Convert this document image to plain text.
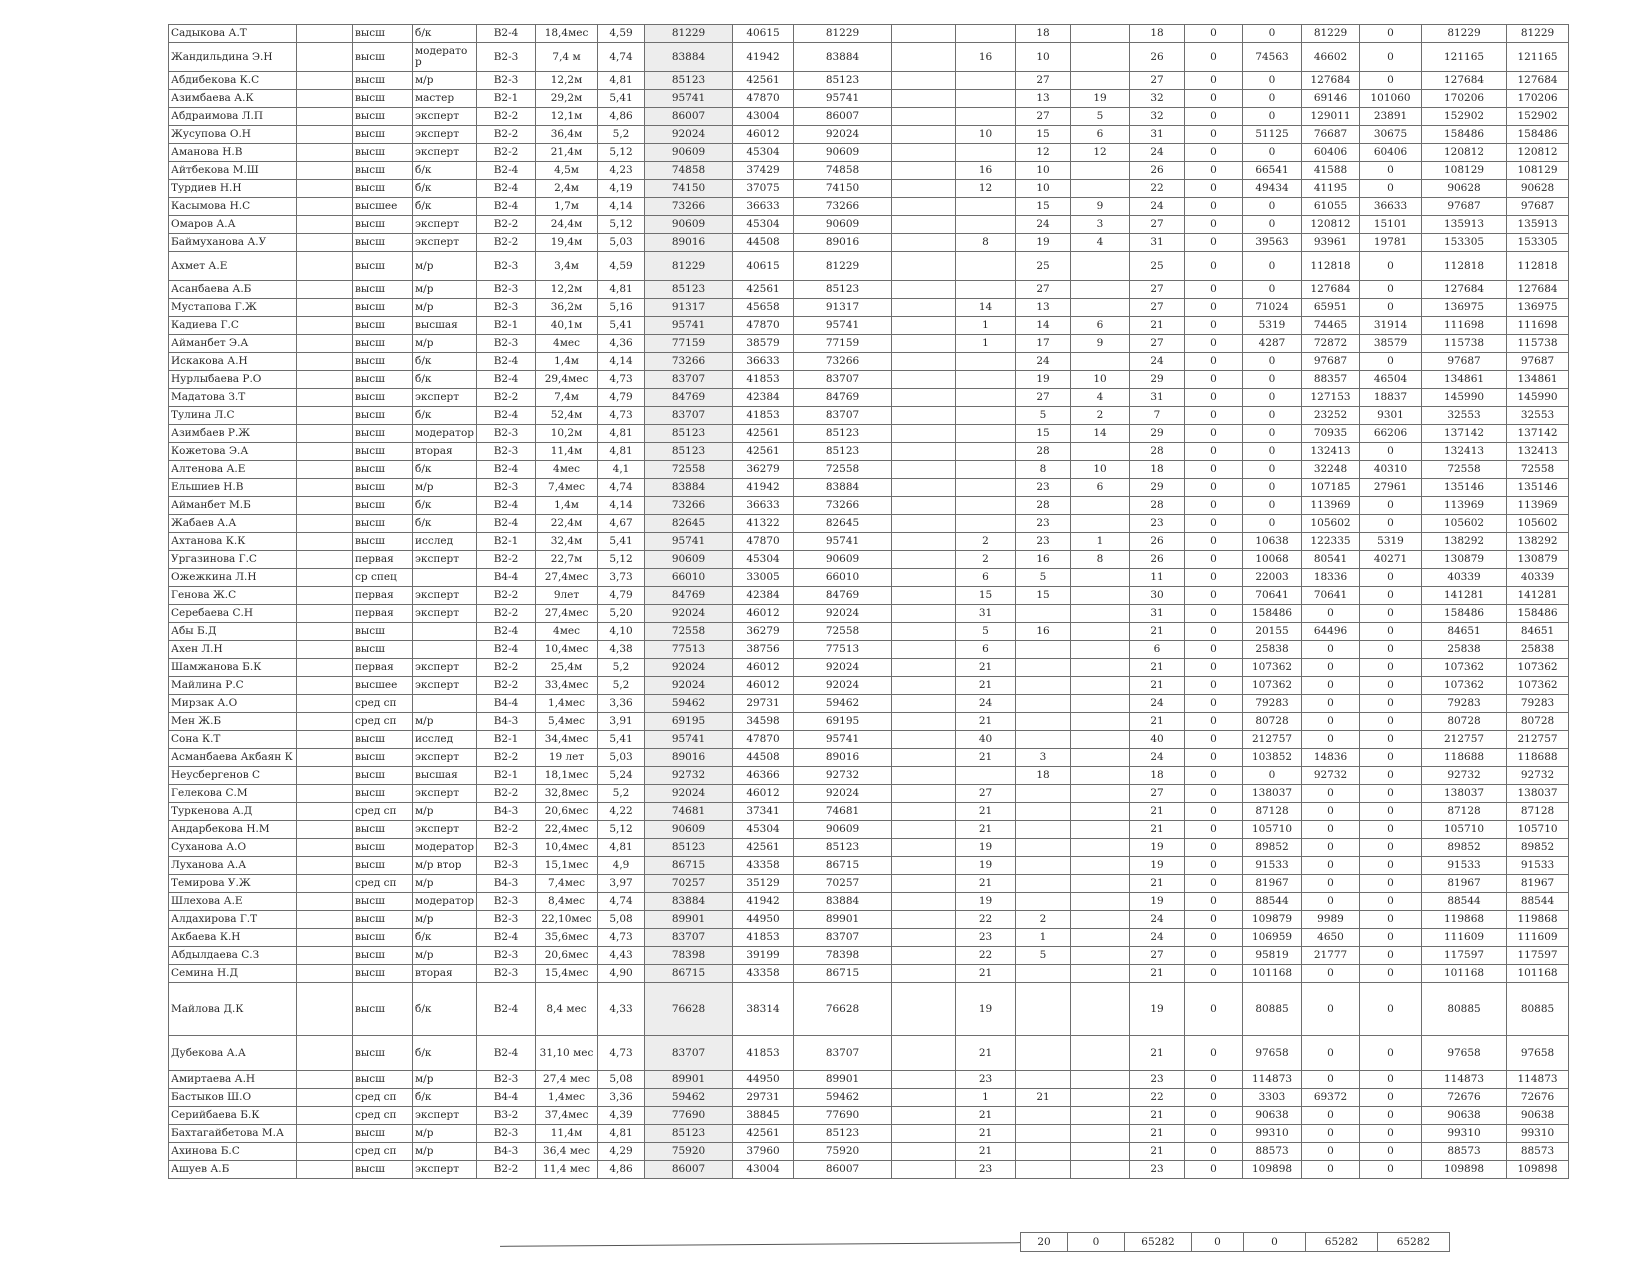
Садыкова А.Т		высш	б/к	В2-4	18,4мес	4,59	81229	40615	81229			18		18	0	0	81229	0	81229	81229
Жандильдина Э.Н		высш	модерато р	В2-3	7,4 м	4,74	83884	41942	83884		16	10		26	0	74563	46602	0	121165	121165
Абдибекова К.С		высш	м/р	В2-3	12,2м	4,81	85123	42561	85123			27		27	0	0	127684	0	127684	127684
Азимбаева А.К		высш	мастер	В2-1	29,2м	5,41	95741	47870	95741			13	19	32	0	0	69146	101060	170206	170206
Абдраимова Л.П		высш	эксперт	В2-2	12,1м	4,86	86007	43004	86007			27	5	32	0	0	129011	23891	152902	152902
Жусупова О.Н		высш	эксперт	В2-2	36,4м	5,2	92024	46012	92024		10	15	6	31	0	51125	76687	30675	158486	158486
Аманова Н.В		высш	эксперт	В2-2	21,4м	5,12	90609	45304	90609			12	12	24	0	0	60406	60406	120812	120812
Айтбекова М.Ш		высш	б/к	В2-4	4,5м	4,23	74858	37429	74858		16	10		26	0	66541	41588	0	108129	108129
Турдиев Н.Н		высш	б/к	В2-4	2,4м	4,19	74150	37075	74150		12	10		22	0	49434	41195	0	90628	90628
Касымова Н.С		высшее	б/к	В2-4	1,7м	4,14	73266	36633	73266			15	9	24	0	0	61055	36633	97687	97687
Омаров А.А		высш	эксперт	В2-2	24,4м	5,12	90609	45304	90609			24	3	27	0	0	120812	15101	135913	135913
Баймуханова А.У		высш	эксперт	В2-2	19,4м	5,03	89016	44508	89016		8	19	4	31	0	39563	93961	19781	153305	153305
Ахмет А.Е		высш	м/р	В2-3	3,4м	4,59	81229	40615	81229			25		25	0	0	112818	0	112818	112818
Асанбаева А.Б		высш	м/р	В2-3	12,2м	4,81	85123	42561	85123			27		27	0	0	127684	0	127684	127684
Мустапова Г.Ж		высш	м/р	В2-3	36,2м	5,16	91317	45658	91317		14	13		27	0	71024	65951	0	136975	136975
Кадиева Г.С		высш	высшая	В2-1	40,1м	5,41	95741	47870	95741		1	14	6	21	0	5319	74465	31914	111698	111698
Айманбет Э.А		высш	м/р	В2-3	4мес	4,36	77159	38579	77159		1	17	9	27	0	4287	72872	38579	115738	115738
Искакова А.Н		высш	б/к	В2-4	1,4м	4,14	73266	36633	73266			24		24	0	0	97687	0	97687	97687
Нурлыбаева Р.О		высш	б/к	В2-4	29,4мес	4,73	83707	41853	83707			19	10	29	0	0	88357	46504	134861	134861
Мадатова З.Т		высш	эксперт	В2-2	7,4м	4,79	84769	42384	84769			27	4	31	0	0	127153	18837	145990	145990
Тулина Л.С		высш	б/к	В2-4	52,4м	4,73	83707	41853	83707			5	2	7	0	0	23252	9301	32553	32553
Азимбаев Р.Ж		высш	модератор	В2-3	10,2м	4,81	85123	42561	85123			15	14	29	0	0	70935	66206	137142	137142
Кожетова Э.А		высш	вторая	В2-3	11,4м	4,81	85123	42561	85123			28		28	0	0	132413	0	132413	132413
Алтенова А.Е		высш	б/к	В2-4	4мес	4,1	72558	36279	72558			8	10	18	0	0	32248	40310	72558	72558
Ельшиев Н.В		высш	м/р	В2-3	7,4мес	4,74	83884	41942	83884			23	6	29	0	0	107185	27961	135146	135146
Айманбет М.Б		высш	б/к	В2-4	1,4м	4,14	73266	36633	73266			28		28	0	0	113969	0	113969	113969
Жабаев А.А		высш	б/к	В2-4	22,4м	4,67	82645	41322	82645			23		23	0	0	105602	0	105602	105602
Ахтанова К.К		высш	исслед	В2-1	32,4м	5,41	95741	47870	95741		2	23	1	26	0	10638	122335	5319	138292	138292
Ургазинова Г.С		первая	эксперт	В2-2	22,7м	5,12	90609	45304	90609		2	16	8	26	0	10068	80541	40271	130879	130879
Ожежкина Л.Н		ср спец		В4-4	27,4мес	3,73	66010	33005	66010		6	5		11	0	22003	18336	0	40339	40339
Генова Ж.С		первая	эксперт	В2-2	9лет	4,79	84769	42384	84769		15	15		30	0	70641	70641	0	141281	141281
Серебаева С.Н		первая	эксперт	В2-2	27,4мес	5,20	92024	46012	92024		31			31	0	158486	0	0	158486	158486
Абы Б.Д		высш		В2-4	4мес	4,10	72558	36279	72558		5	16		21	0	20155	64496	0	84651	84651
Ахен Л.Н		высш		В2-4	10,4мес	4,38	77513	38756	77513		6			6	0	25838	0	0	25838	25838
Шамжанова Б.К		первая	эксперт	В2-2	25,4м	5,2	92024	46012	92024		21			21	0	107362	0	0	107362	107362
Майлина Р.С		высшее	эксперт	В2-2	33,4мес	5,2	92024	46012	92024		21			21	0	107362	0	0	107362	107362
Мирзак А.О		сред сп		В4-4	1,4мес	3,36	59462	29731	59462		24			24	0	79283	0	0	79283	79283
Мен Ж.Б		сред сп	м/р	В4-3	5,4мес	3,91	69195	34598	69195		21			21	0	80728	0	0	80728	80728
Сона К.Т		высш	исслед	В2-1	34,4мес	5,41	95741	47870	95741		40			40	0	212757	0	0	212757	212757
Асманбаева Акбаян К		высш	эксперт	В2-2	19 лет	5,03	89016	44508	89016		21	3		24	0	103852	14836	0	118688	118688
Неусбергенов С		высш	высшая	В2-1	18,1мес	5,24	92732	46366	92732			18		18	0	0	92732	0	92732	92732
Гелекова С.М		высш	эксперт	В2-2	32,8мес	5,2	92024	46012	92024		27			27	0	138037	0	0	138037	138037
Туркенова А.Д		сред сп	м/р	В4-3	20,6мес	4,22	74681	37341	74681		21			21	0	87128	0	0	87128	87128
Андарбекова Н.М		высш	эксперт	В2-2	22,4мес	5,12	90609	45304	90609		21			21	0	105710	0	0	105710	105710
Суханова А.О		высш	модератор	В2-3	10,4мес	4,81	85123	42561	85123		19			19	0	89852	0	0	89852	89852
Луханова А.А		высш	м/р втор	В2-3	15,1мес	4,9	86715	43358	86715		19			19	0	91533	0	0	91533	91533
Темирова У.Ж		сред сп	м/р	В4-3	7,4мес	3,97	70257	35129	70257		21			21	0	81967	0	0	81967	81967
Шлехова А.Е		высш	модератор	В2-3	8,4мес	4,74	83884	41942	83884		19			19	0	88544	0	0	88544	88544
Алдахирова Г.Т		высш	м/р	В2-3	22,10мес	5,08	89901	44950	89901		22	2		24	0	109879	9989	0	119868	119868
Акбаева К.Н		высш	б/к	В2-4	35,6мес	4,73	83707	41853	83707		23	1		24	0	106959	4650	0	111609	111609
Абдылдаева С.З		высш	м/р	В2-3	20,6мес	4,43	78398	39199	78398		22	5		27	0	95819	21777	0	117597	117597
Семина Н.Д		высш	вторая	В2-3	15,4мес	4,90	86715	43358	86715		21			21	0	101168	0	0	101168	101168
Майлова Д.К		высш	б/к	В2-4	8,4 мес	4,33	76628	38314	76628		19			19	0	80885	0	0	80885	80885
Дубекова А.А		высш	б/к	В2-4	31,10 мес	4,73	83707	41853	83707		21			21	0	97658	0	0	97658	97658
Амиртаева А.Н		высш	м/р	В2-3	27,4 мес	5,08	89901	44950	89901		23			23	0	114873	0	0	114873	114873
Бастыков Ш.О		сред сп	б/к	В4-4	1,4мес	3,36	59462	29731	59462		1	21		22	0	3303	69372	0	72676	72676
Серийбаева Б.К		сред сп	эксперт	В3-2	37,4мес	4,39	77690	38845	77690		21			21	0	90638	0	0	90638	90638
Бахтагайбетова М.А		высш	м/р	В2-3	11,4м	4,81	85123	42561	85123		21			21	0	99310	0	0	99310	99310
Ахинова Б.С		сред сп	м/р	В4-3	36,4 мес	4,29	75920	37960	75920		21			21	0	88573	0	0	88573	88573
Ашуев А.Б		высш	эксперт	В2-2	11,4 мес	4,86	86007	43004	86007		23			23	0	109898	0	0	109898	109898
20	0	65282	0	0	65282	65282
